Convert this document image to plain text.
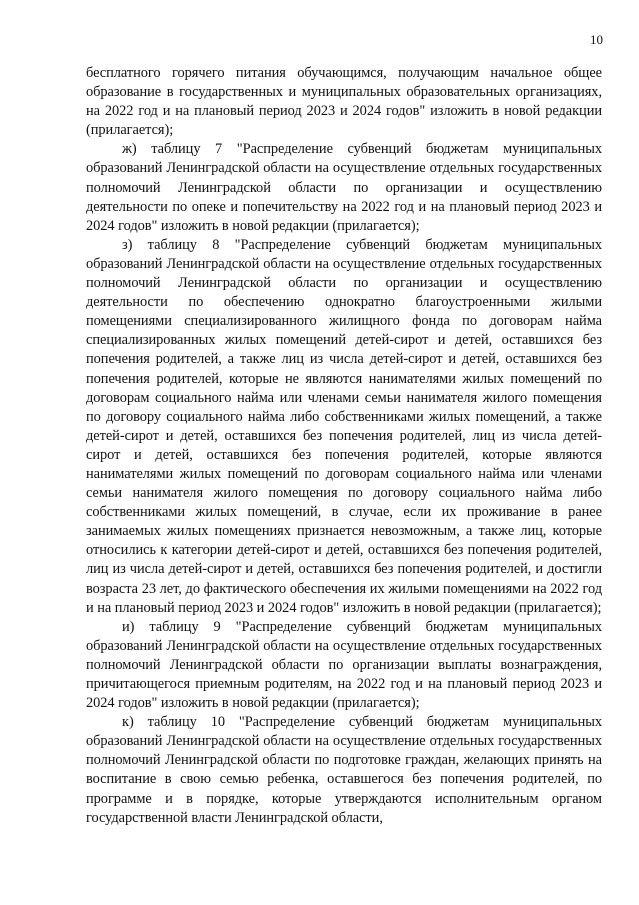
10

бесплатного горячего питания обучающимся, получающим начальное общее образование в государственных и муниципальных образовательных организациях, на 2022 год и на плановый период 2023 и 2024 годов" изложить в новой редакции (прилагается);

ж) таблицу 7 "Распределение субвенций бюджетам муниципальных образований Ленинградской области на осуществление отдельных государственных полномочий Ленинградской области по организации и осуществлению деятельности по опеке и попечительству на 2022 год и на плановый период 2023 и 2024 годов" изложить в новой редакции (прилагается);

з) таблицу 8 "Распределение субвенций бюджетам муниципальных образований Ленинградской области на осуществление отдельных государственных полномочий Ленинградской области по организации и осуществлению деятельности по обеспечению однократно благоустроенными жилыми помещениями специализированного жилищного фонда по договорам найма специализированных жилых помещений детей-сирот и детей, оставшихся без попечения родителей, а также лиц из числа детей-сирот и детей, оставшихся без попечения родителей, которые не являются нанимателями жилых помещений по договорам социального найма или членами семьи нанимателя жилого помещения по договору социального найма либо собственниками жилых помещений, а также детей-сирот и детей, оставшихся без попечения родителей, лиц из числа детей-сирот и детей, оставшихся без попечения родителей, которые являются нанимателями жилых помещений по договорам социального найма или членами семьи нанимателя жилого помещения по договору социального найма либо собственниками жилых помещений, в случае, если их проживание в ранее занимаемых жилых помещениях признается невозможным, а также лиц, которые относились к категории детей-сирот и детей, оставшихся без попечения родителей, лиц из числа детей-сирот и детей, оставшихся без попечения родителей, и достигли возраста 23 лет, до фактического обеспечения их жилыми помещениями на 2022 год и на плановый период 2023 и 2024 годов" изложить в новой редакции (прилагается);

и) таблицу 9 "Распределение субвенций бюджетам муниципальных образований Ленинградской области на осуществление отдельных государственных полномочий Ленинградской области по организации выплаты вознаграждения, причитающегося приемным родителям, на 2022 год и на плановый период 2023 и 2024 годов" изложить в новой редакции (прилагается);

к) таблицу 10 "Распределение субвенций бюджетам муниципальных образований Ленинградской области на осуществление отдельных государственных полномочий Ленинградской области по подготовке граждан, желающих принять на воспитание в свою семью ребенка, оставшегося без попечения родителей, по программе и в порядке, которые утверждаются исполнительным органом государственной власти Ленинградской области,
